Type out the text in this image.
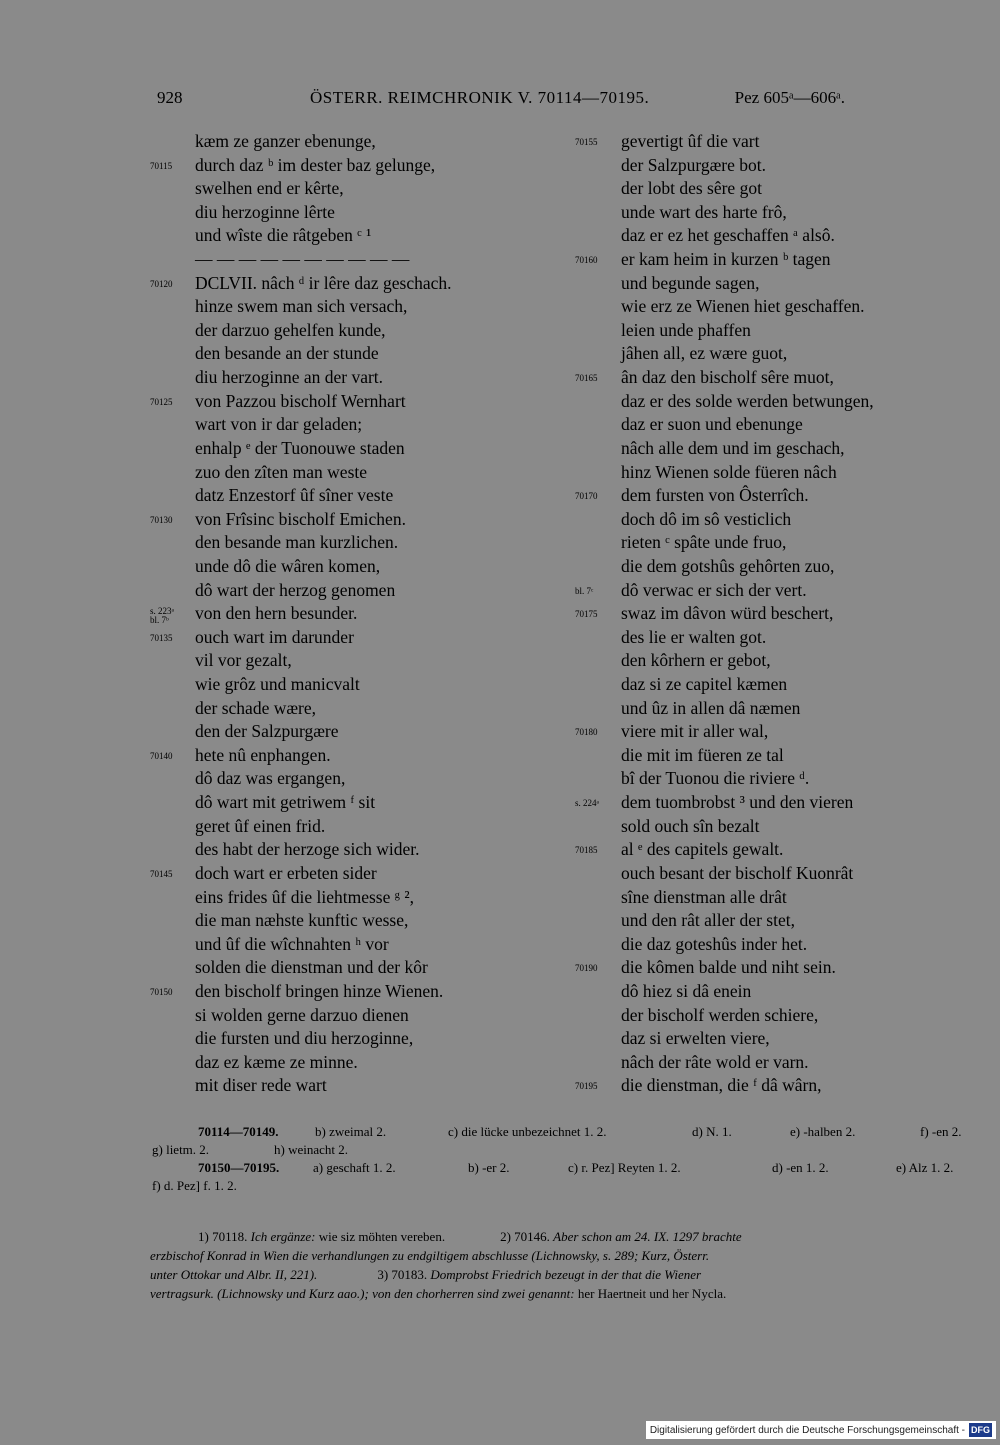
928	ÖSTERR. REIMCHRONIK V. 70114—70195.	Pez 605ᵃ—606ᵃ.
kæm ze ganzer ebenunge,
70115	durch daz ᵇ im dester baz gelunge,
swelhen end er kêrte,
diu herzoginne lêrte
und wîste die râtgeben ᶜ ¹
— — — — — — — — — —
70120	DCLVII. nâch ᵈ ir lêre daz geschach.
hinze swem man sich versach,
der darzuo gehelfen kunde,
den besande an der stunde
diu herzoginne an der vart.
70125	von Pazzou bischolf Wernhart
wart von ir dar geladen;
enhalp ᵉ der Tuonouwe staden
zuo den zîten man weste
datz Enzestorf ûf sîner veste
70130	von Frîsinc bischolf Emichen.
den besande man kurzlichen.
unde dô die wâren komen,
dô wart der herzog genomen
s. 223ᵃ
bl. 7ᵇ	von den hern besunder.
70135	ouch wart im darunder
vil vor gezalt,
wie grôz und manicvalt
der schade wære,
den der Salzpurgære
70140	hete nû enphangen.
dô daz was ergangen,
dô wart mit getriwem ᶠ sit
geret ûf einen frid.
des habt der herzoge sich wider.
70145	doch wart er erbeten sider
eins frides ûf die liehtmesse ᵍ ²,
die man næhste kunftic wesse,
und ûf die wîchnahten ʰ vor
solden die dienstman und der kôr
70150	den bischolf bringen hinze Wienen.
si wolden gerne darzuo dienen
die fursten und diu herzoginne,
daz ez kæme ze minne.
mit diser rede wart
70155	gevertigt ûf die vart
der Salzpurgære bot.
der lobt des sêre got
unde wart des harte frô,
daz er ez het geschaffen ᵃ alsô.
70160	er kam heim in kurzen ᵇ tagen
und begunde sagen,
wie erz ze Wienen hiet geschaffen.
leien unde phaffen
jâhen all, ez wære guot,
70165	ân daz den bischolf sêre muot,
daz er des solde werden betwungen,
daz er suon und ebenunge
nâch alle dem und im geschach,
hinz Wienen solde füeren nâch
70170	dem fursten von Ôsterrîch.
doch dô im sô vesticlich
rieten ᶜ spâte unde fruo,
die dem gotshûs gehôrten zuo,
bl. 7ᶜ	dô verwac er sich der vert.
70175	swaz im dâvon würd beschert,
des lie er walten got.
den kôrhern er gebot,
daz si ze capitel kæmen
und ûz in allen dâ næmen
70180	viere mit ir aller wal,
die mit im füeren ze tal
bî der Tuonou die riviere ᵈ.
s. 224ᵃ	dem tuombrobst ³ und den vieren
sold ouch sîn bezalt
70185	al ᵉ des capitels gewalt.
ouch besant der bischolf Kuonrât
sîne dienstman alle drât
und den rât aller der stet,
die daz goteshûs inder het.
70190	die kômen balde und niht sein.
dô hiez si dâ enein
der bischolf werden schiere,
daz si erwelten viere,
nâch der râte wold er varn.
70195	die dienstman, die ᶠ dâ wârn,
70114—70149.	b) zweimal 2.	c) die lücke unbezeichnet 1. 2.	d) N. 1.	e) -halben 2.	f) -en 2.
g) lietm. 2.	h) weinacht 2.
70150—70195.	a) geschaft 1. 2.	b) -er 2.	c) r. Pez] Reyten 1. 2.	d) -en 1. 2.	e) Alz 1. 2.
f) d. Pez] f. 1. 2.
1) 70118. Ich ergänze: wie siz möhten vereben.	2) 70146. Aber schon am 24. IX. 1297 brachte
erzbischof Konrad in Wien die verhandlungen zu endgiltigem abschlusse (Lichnowsky, s. 289; Kurz, Österr.
unter Ottokar und Albr. II, 221).	3) 70183. Domprobst Friedrich bezeugt in der that die Wiener
vertragsurk. (Lichnowsky und Kurz aao.); von den chorherren sind zwei genannt: her Haertneit und her Nycla.
Digitalisierung gefördert durch die Deutsche Forschungsgemeinschaft - DFG
